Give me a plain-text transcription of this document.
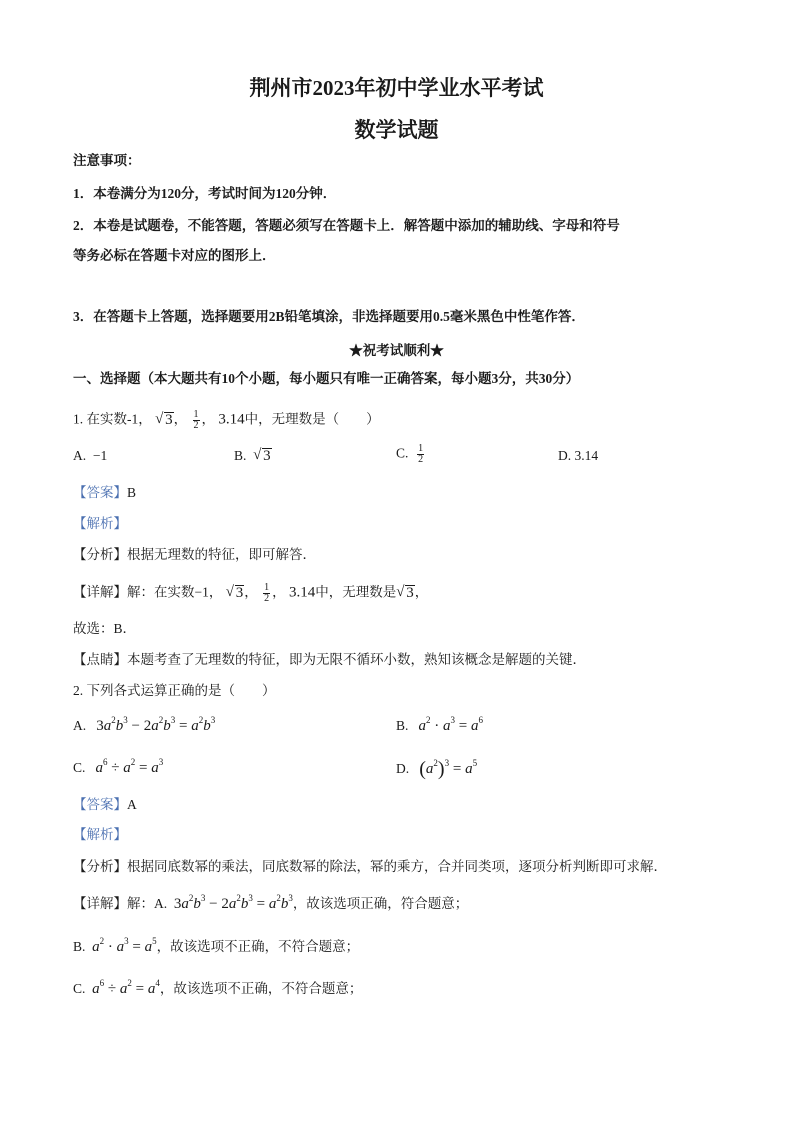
荆州市2023年初中学业水平考试
数学试题
注意事项：
1．本卷满分为120分，考试时间为120分钟．
2．本卷是试题卷，不能答题，答题必须写在答题卡上．解答题中添加的辅助线、字母和符号
等务必标在答题卡对应的图形上．
3．在答题卡上答题，选择题要用2B铅笔填涂，非选择题要用0.5毫米黑色中性笔作答．
★祝考试顺利★
一、选择题（本大题共有10个小题，每小题只有唯一正确答案，每小题3分，共30分）
1. 在实数-1， √ 3， $\frac{1}{2}$ ， 3.14中，无理数是（　　）
A. −1	B. √ 3	C. $\frac{1}{2}$	D. 3.14
【答案】B
【解析】
【分析】根据无理数的特征，即可解答．
【详解】解：在实数−1， √ 3， $\frac{1}{2}$ ， 3.14中，无理数是 √ 3，
故选：B．
【点睛】本题考查了无理数的特征，即为无限不循环小数，熟知该概念是解题的关键．
2. 下列各式运算正确的是（　　）
A. $3a^2b^3 - 2a^2b^3 = a^2b^3$	B. $a^2 \cdot a^3 = a^6$
C. $a^6 \div a^2 = a^3$	D. $(a^2)^3 = a^5$
【答案】A
【解析】
【分析】根据同底数幂的乘法，同底数幂的除法，幂的乘方，合并同类项，逐项分析判断即可求解．
【详解】解：A. $3a^2b^3 - 2a^2b^3 = a^2b^3$，故该选项正确，符合题意；
B. $a^2 \cdot a^3 = a^5$，故该选项不正确，不符合题意；
C. $a^6 \div a^2 = a^4$，故该选项不正确，不符合题意；
